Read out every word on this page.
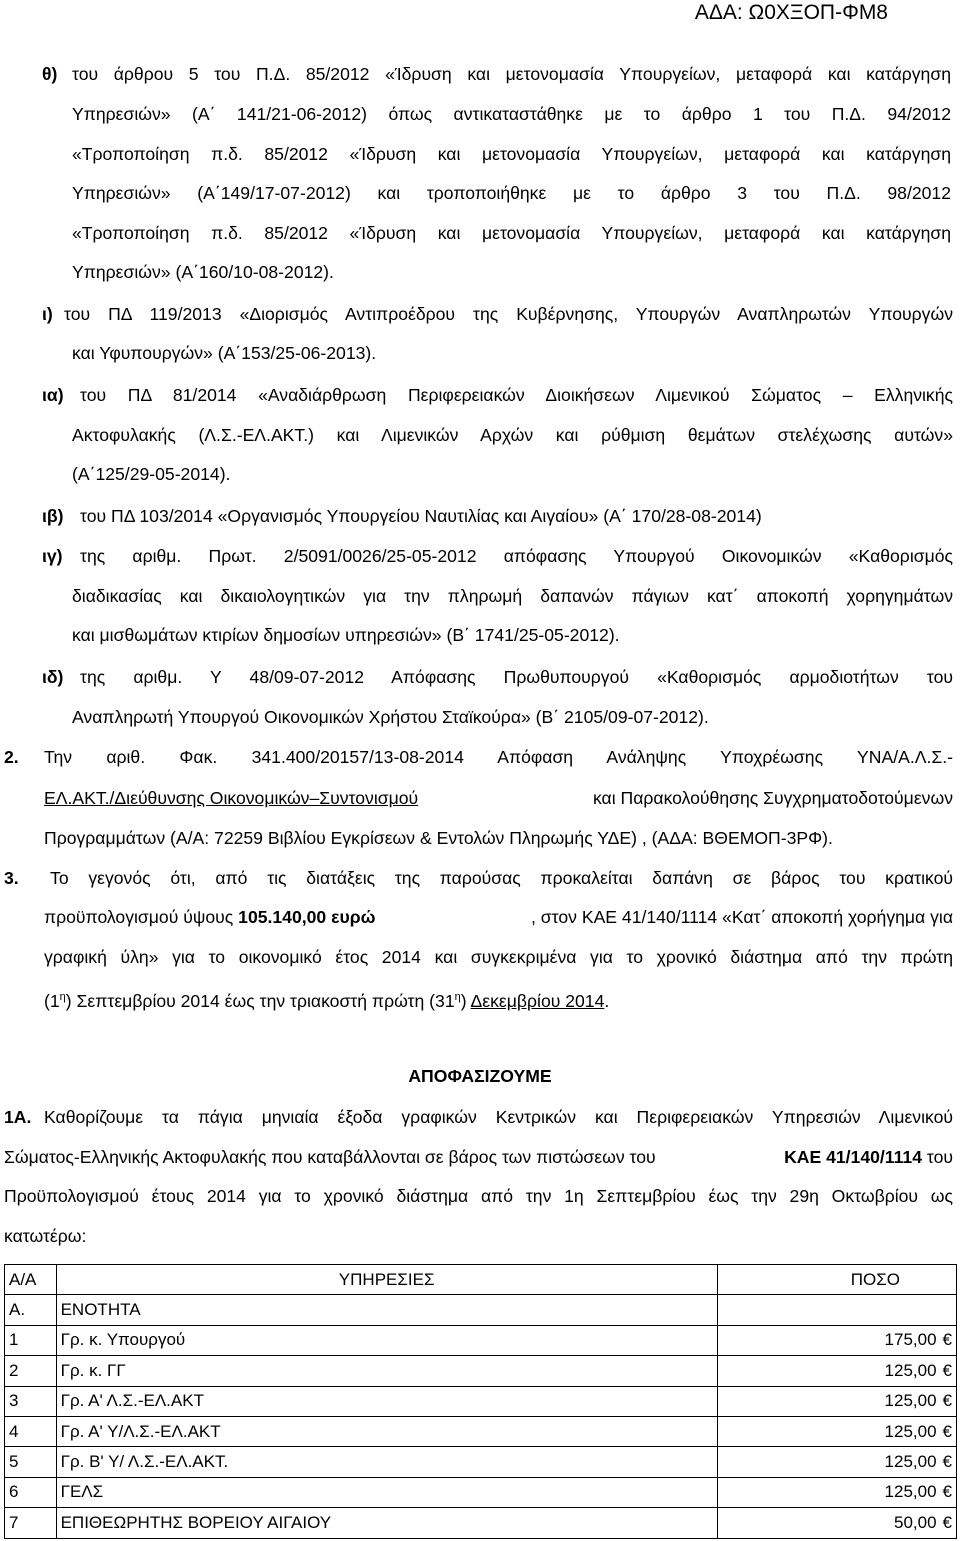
ΑΔΑ: Ω0ΧΞΟΠ-ΦΜ8
θ) του άρθρου 5 του Π.Δ. 85/2012 «Ίδρυση και μετονομασία Υπουργείων, μεταφορά και κατάργηση
Υπηρεσιών» (Α΄ 141/21-06-2012) όπως αντικαταστάθηκε με το άρθρο 1 του Π.Δ. 94/2012
«Τροποποίηση π.δ. 85/2012 «Ίδρυση και μετονομασία Υπουργείων, μεταφορά και κατάργηση
Υπηρεσιών» (Α΄149/17-07-2012) και τροποποιήθηκε με το άρθρο 3 του Π.Δ. 98/2012
«Τροποποίηση π.δ. 85/2012 «Ίδρυση και μετονομασία Υπουργείων, μεταφορά και κατάργηση
Υπηρεσιών» (Α΄160/10-08-2012).
ι) του ΠΔ 119/2013 «Διορισμός Αντιπροέδρου της Κυβέρνησης, Υπουργών Αναπληρωτών Υπουργών
και Υφυπουργών» (Α΄153/25-06-2013).
ια) του ΠΔ 81/2014 «Αναδιάρθρωση Περιφερειακών Διοικήσεων Λιμενικού Σώματος – Ελληνικής
Ακτοφυλακής (Λ.Σ.-ΕΛ.ΑΚΤ.) και Λιμενικών Αρχών και ρύθμιση θεμάτων στελέχωσης αυτών»
(Α΄125/29-05-2014).
ιβ) του ΠΔ 103/2014 «Οργανισμός Υπουργείου Ναυτιλίας και Αιγαίου» (Α΄ 170/28-08-2014)
ιγ) της αριθμ. Πρωτ. 2/5091/0026/25-05-2012 απόφασης Υπουργού Οικονομικών «Καθορισμός
διαδικασίας και δικαιολογητικών για την πληρωμή δαπανών πάγιων κατ΄ αποκοπή χορηγημάτων
και μισθωμάτων κτιρίων δημοσίων υπηρεσιών» (Β΄ 1741/25-05-2012).
ιδ) της αριθμ. Υ 48/09-07-2012 Απόφασης Πρωθυπουργού «Καθορισμός αρμοδιοτήτων του
Αναπληρωτή Υπουργού Οικονομικών Χρήστου Σταϊκούρα» (Β΄ 2105/09-07-2012).
2. Την αριθ. Φακ. 341.400/20157/13-08-2014 Απόφαση Ανάληψης Υποχρέωσης ΥΝΑ/Α.Λ.Σ.-
ΕΛ.ΑΚΤ./Διεύθυνσης Οικονομικών–Συντονισμού	και Παρακολούθησης Συγχρηματοδοτούμενων
Προγραμμάτων (Α/Α: 72259 Βιβλίου Εγκρίσεων & Εντολών Πληρωμής ΥΔΕ) , (ΑΔΑ: ΒΘΕΜΟΠ-3ΡΦ).
3. Το γεγονός ότι, από τις διατάξεις της παρούσας προκαλείται δαπάνη σε βάρος του κρατικού
προϋπολογισμού ύψους 105.140,00 ευρώ	, στον ΚΑΕ 41/140/1114 «Κατ΄ αποκοπή χορήγημα για
γραφική ύλη» για το οικονομικό έτος 2014 και συγκεκριμένα για το χρονικό διάστημα από την πρώτη
$(1^\eta)$ Σεπτεμβρίου 2014 έως την τριακοστή πρώτη $(31^\eta)$ Δεκεμβρίου 2014.
ΑΠΟΦΑΣΙΖΟΥΜΕ
1Α. Καθορίζουμε τα πάγια μηνιαία έξοδα γραφικών Κεντρικών και Περιφερειακών Υπηρεσιών Λιμενικού
Σώματος-Ελληνικής Ακτοφυλακής που καταβάλλονται σε βάρος των πιστώσεων του	ΚΑΕ 41/140/1114 του
Προϋπολογισμού έτους 2014 για το χρονικό διάστημα από την 1η Σεπτεμβρίου έως την 29η Οκτωβρίου ως
κατωτέρω:
Α/Α	ΥΠΗΡΕΣΙΕΣ	ΠΟΣΟ
Α.	ΕΝΟΤΗΤΑ	
1	Γρ. κ. Υπουργού	175,00 €
2	Γρ. κ. ΓΓ	125,00 €
3	Γρ. Α' Λ.Σ.-ΕΛ.ΑΚΤ	125,00 €
4	Γρ. Α' Υ/Λ.Σ.-ΕΛ.ΑΚΤ	125,00 €
5	Γρ. Β' Υ/ Λ.Σ.-ΕΛ.ΑΚΤ.	125,00 €
6	ΓΕΛΣ	125,00 €
7	ΕΠΙΘΕΩΡΗΤΗΣ ΒΟΡΕΙΟΥ ΑΙΓΑΙΟΥ	50,00 €
